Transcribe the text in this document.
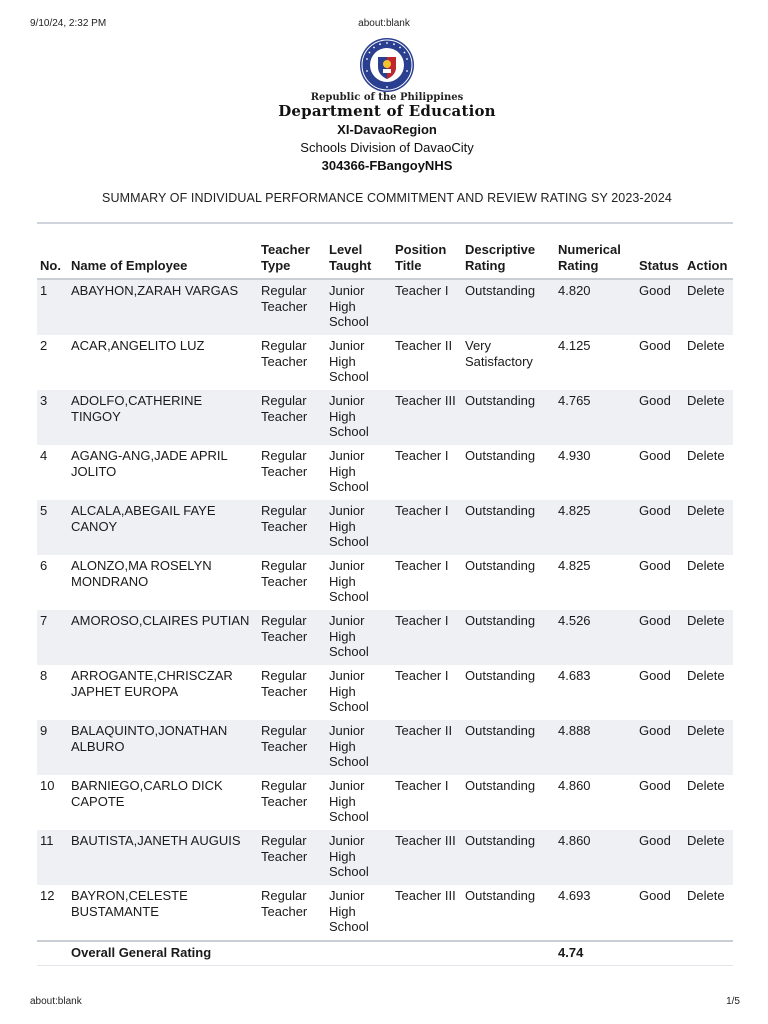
9/10/24, 2:32 PM	about:blank
Republic of the Philippines
Department of Education
XI-DavaoRegion
Schools Division of DavaoCity
304366-FBangoyNHS
SUMMARY OF INDIVIDUAL PERFORMANCE COMMITMENT AND REVIEW RATING SY 2023-2024
No.	Name of Employee	Teacher Type	Level Taught	Position Title	Descriptive Rating	Numerical Rating	Status	Action
1	ABAYHON,ZARAH VARGAS	Regular Teacher	Junior High School	Teacher I	Outstanding	4.820	Good	Delete
2	ACAR,ANGELITO LUZ	Regular Teacher	Junior High School	Teacher II	Very Satisfactory	4.125	Good	Delete
3	ADOLFO,CATHERINE TINGOY	Regular Teacher	Junior High School	Teacher III	Outstanding	4.765	Good	Delete
4	AGANG-ANG,JADE APRIL JOLITO	Regular Teacher	Junior High School	Teacher I	Outstanding	4.930	Good	Delete
5	ALCALA,ABEGAIL FAYE CANOY	Regular Teacher	Junior High School	Teacher I	Outstanding	4.825	Good	Delete
6	ALONZO,MA ROSELYN MONDRANO	Regular Teacher	Junior High School	Teacher I	Outstanding	4.825	Good	Delete
7	AMOROSO,CLAIRES PUTIAN	Regular Teacher	Junior High School	Teacher I	Outstanding	4.526	Good	Delete
8	ARROGANTE,CHRISCZAR JAPHET EUROPA	Regular Teacher	Junior High School	Teacher I	Outstanding	4.683	Good	Delete
9	BALAQUINTO,JONATHAN ALBURO	Regular Teacher	Junior High School	Teacher II	Outstanding	4.888	Good	Delete
10	BARNIEGO,CARLO DICK CAPOTE	Regular Teacher	Junior High School	Teacher I	Outstanding	4.860	Good	Delete
11	BAUTISTA,JANETH AUGUIS	Regular Teacher	Junior High School	Teacher III	Outstanding	4.860	Good	Delete
12	BAYRON,CELESTE BUSTAMANTE	Regular Teacher	Junior High School	Teacher III	Outstanding	4.693	Good	Delete
	Overall General Rating					4.74		
about:blank	1/5
